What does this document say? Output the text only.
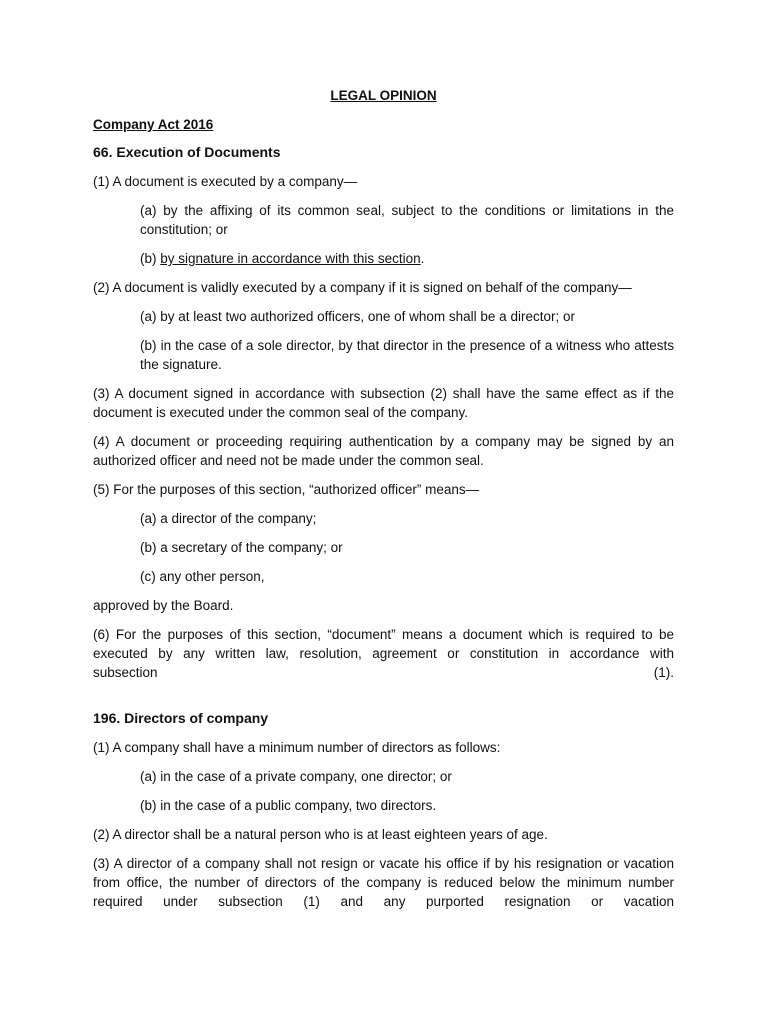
LEGAL OPINION
Company Act 2016
66. Execution of Documents

(1) A document is executed by a company—

(a) by the affixing of its common seal, subject to the conditions or limitations in the constitution; or

(b) by signature in accordance with this section.

(2) A document is validly executed by a company if it is signed on behalf of the company—

(a) by at least two authorized officers, one of whom shall be a director; or

(b) in the case of a sole director, by that director in the presence of a witness who attests the signature.

(3) A document signed in accordance with subsection (2) shall have the same effect as if the document is executed under the common seal of the company.

(4) A document or proceeding requiring authentication by a company may be signed by an authorized officer and need not be made under the common seal.

(5) For the purposes of this section, “authorized officer” means—

(a) a director of the company;

(b) a secretary of the company; or

(c) any other person,

approved by the Board.

(6) For the purposes of this section, “document” means a document which is required to be executed by any written law, resolution, agreement or constitution in accordance with
subsection	(1).
196. Directors of company

(1) A company shall have a minimum number of directors as follows:

(a) in the case of a private company, one director; or

(b) in the case of a public company, two directors.

(2) A director shall be a natural person who is at least eighteen years of age.

(3) A director of a company shall not resign or vacate his office if by his resignation or vacation from office, the number of directors of the company is reduced below the minimum number required under subsection (1) and any purported resignation or vacation
